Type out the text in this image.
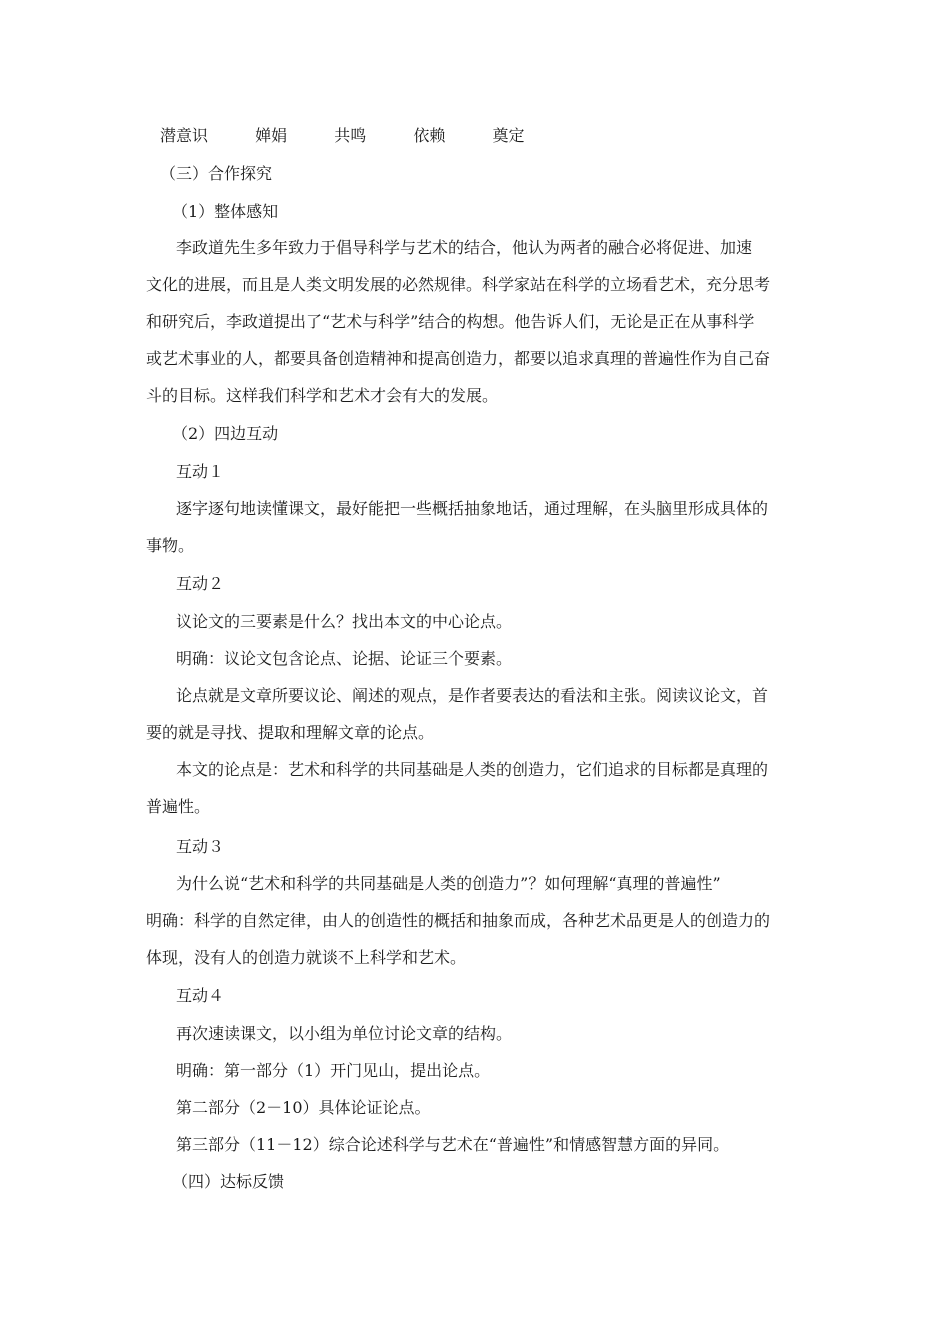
潜意识	婵娟	共鸣	依赖	奠定
（三）合作探究
（1）整体感知
李政道先生多年致力于倡导科学与艺术的结合，他认为两者的融合必将促进、加速
文化的进展，而且是人类文明发展的必然规律。科学家站在科学的立场看艺术，充分思考
和研究后，李政道提出了“艺术与科学”结合的构想。他告诉人们，无论是正在从事科学
或艺术事业的人，都要具备创造精神和提高创造力，都要以追求真理的普遍性作为自己奋
斗的目标。这样我们科学和艺术才会有大的发展。
（2）四边互动
互动１
逐字逐句地读懂课文，最好能把一些概括抽象地话，通过理解，在头脑里形成具体的
事物。
互动２
议论文的三要素是什么？找出本文的中心论点。
明确：议论文包含论点、论据、论证三个要素。
论点就是文章所要议论、阐述的观点，是作者要表达的看法和主张。阅读议论文，首
要的就是寻找、提取和理解文章的论点。
本文的论点是：艺术和科学的共同基础是人类的创造力，它们追求的目标都是真理的
普遍性。
互动３
为什么说“艺术和科学的共同基础是人类的创造力”？如何理解“真理的普遍性”
明确：科学的自然定律，由人的创造性的概括和抽象而成，各种艺术品更是人的创造力的
体现，没有人的创造力就谈不上科学和艺术。
互动４
再次速读课文，以小组为单位讨论文章的结构。
明确：第一部分（1）开门见山，提出论点。
第二部分（2－10）具体论证论点。
第三部分（11－12）综合论述科学与艺术在“普遍性”和情感智慧方面的异同。
（四）达标反馈
